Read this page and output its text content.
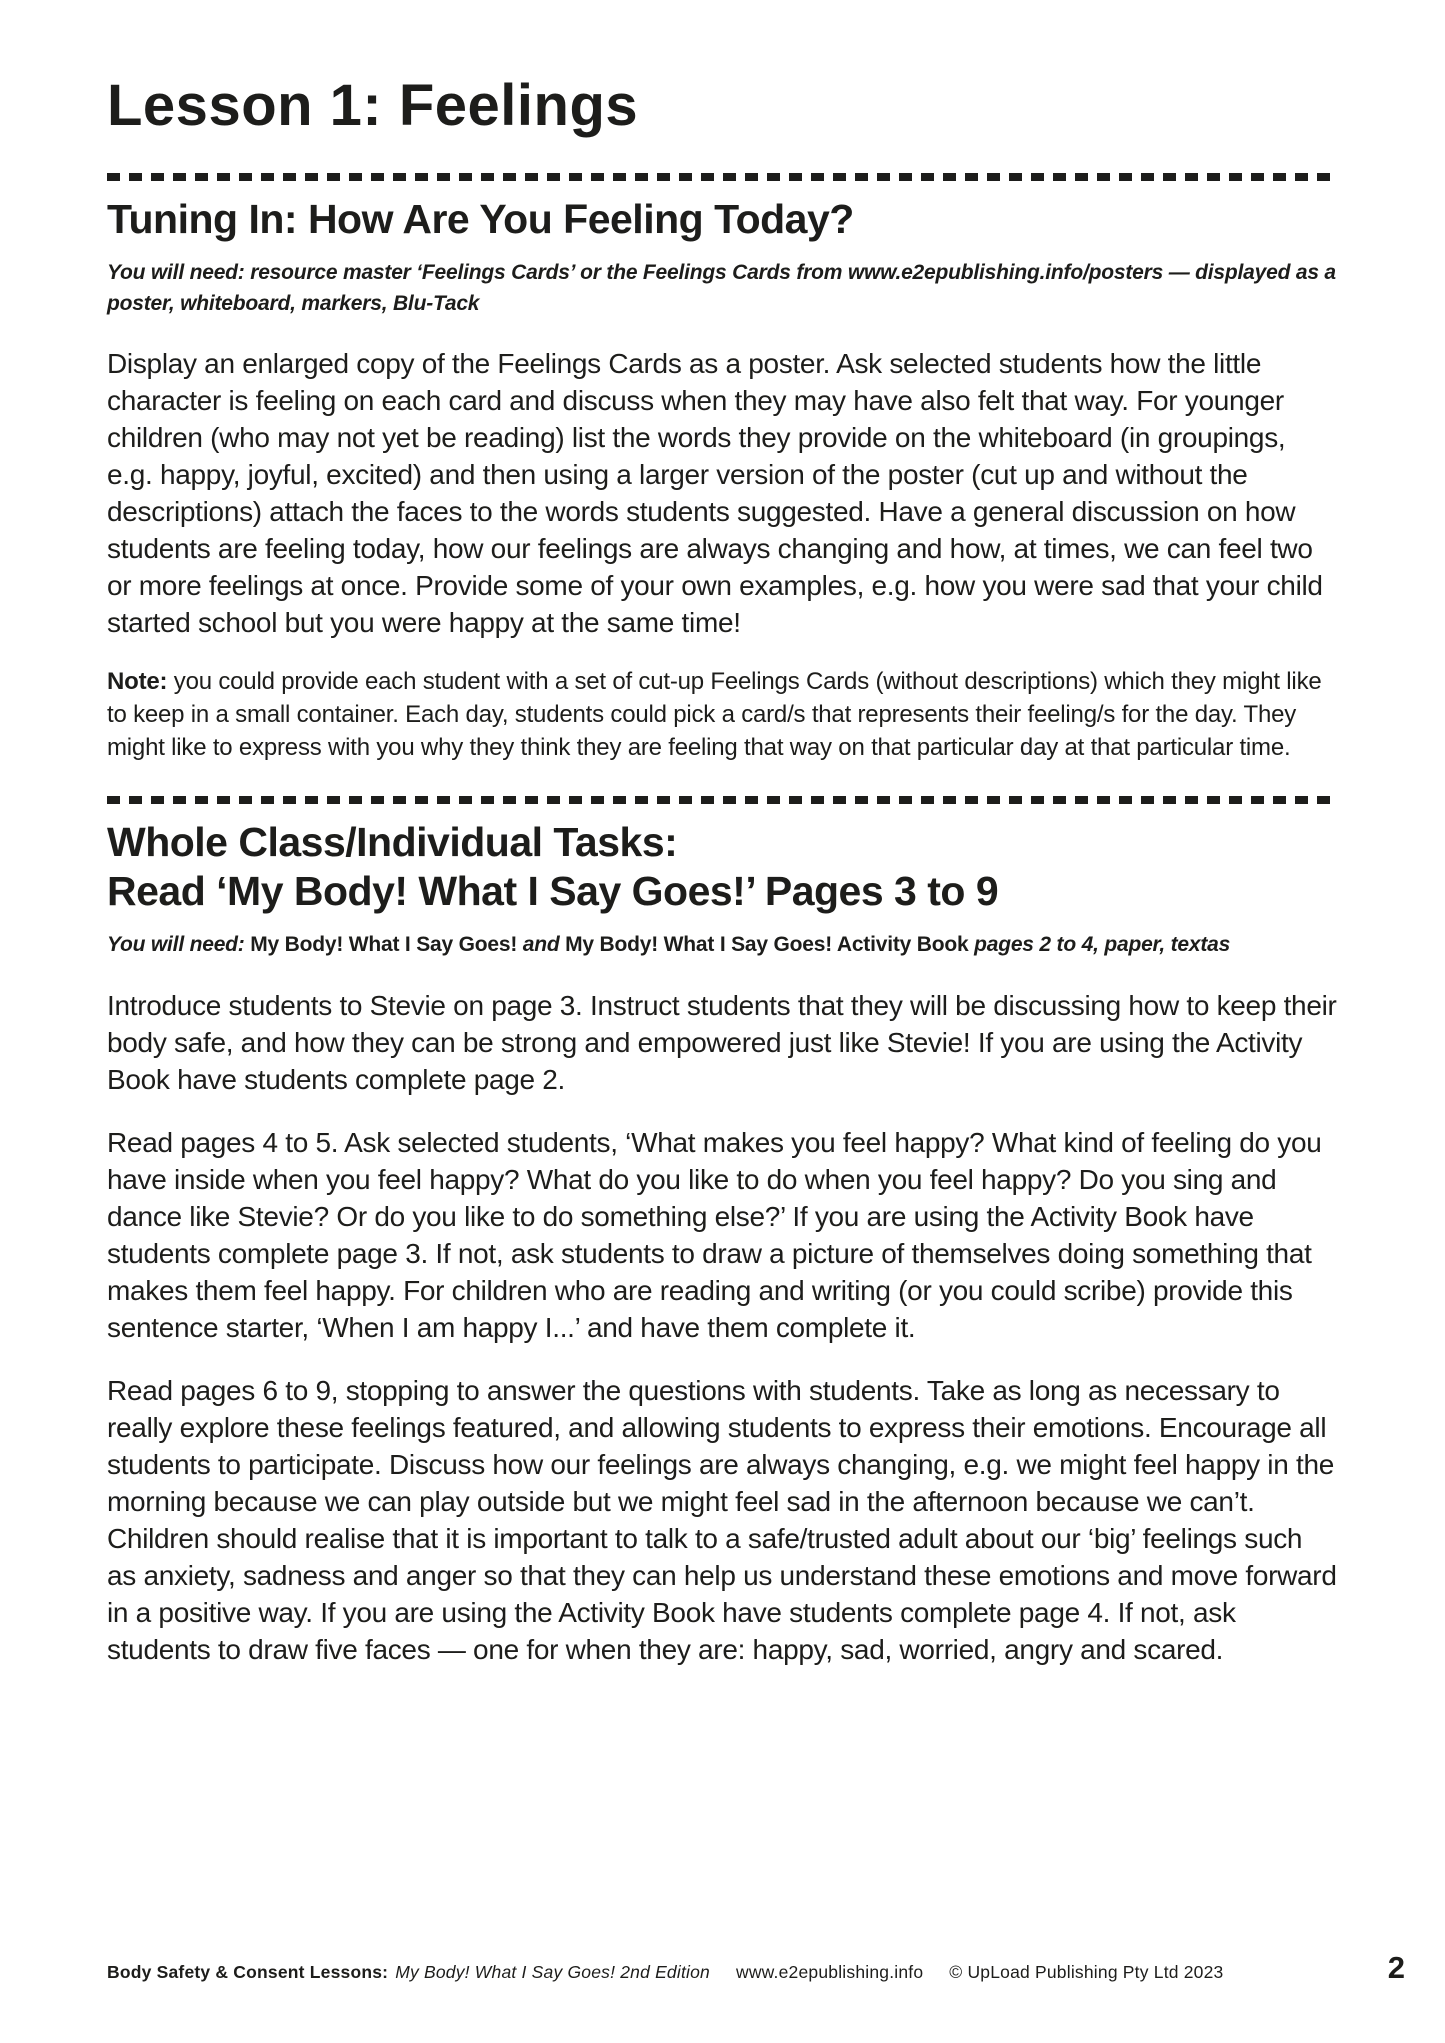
Lesson 1: Feelings
Tuning In: How Are You Feeling Today?
You will need: resource master ‘Feelings Cards’ or the Feelings Cards from www.e2epublishing.info/posters — displayed as a poster, whiteboard, markers, Blu-Tack
Display an enlarged copy of the Feelings Cards as a poster. Ask selected students how the little character is feeling on each card and discuss when they may have also felt that way. For younger children (who may not yet be reading) list the words they provide on the whiteboard (in groupings, e.g. happy, joyful, excited) and then using a larger version of the poster (cut up and without the descriptions) attach the faces to the words students suggested. Have a general discussion on how students are feeling today, how our feelings are always changing and how, at times, we can feel two or more feelings at once. Provide some of your own examples, e.g. how you were sad that your child started school but you were happy at the same time!
Note: you could provide each student with a set of cut-up Feelings Cards (without descriptions) which they might like to keep in a small container. Each day, students could pick a card/s that represents their feeling/s for the day. They might like to express with you why they think they are feeling that way on that particular day at that particular time.
Whole Class/Individual Tasks:
Read ‘My Body! What I Say Goes!’ Pages 3 to 9
You will need: My Body! What I Say Goes! and My Body! What I Say Goes! Activity Book pages 2 to 4, paper, textas
Introduce students to Stevie on page 3. Instruct students that they will be discussing how to keep their body safe, and how they can be strong and empowered just like Stevie! If you are using the Activity Book have students complete page 2.
Read pages 4 to 5. Ask selected students, ‘What makes you feel happy? What kind of feeling do you have inside when you feel happy? What do you like to do when you feel happy? Do you sing and dance like Stevie? Or do you like to do something else?’ If you are using the Activity Book have students complete page 3. If not, ask students to draw a picture of themselves doing something that makes them feel happy. For children who are reading and writing (or you could scribe) provide this sentence starter, ‘When I am happy I...’ and have them complete it.
Read pages 6 to 9, stopping to answer the questions with students. Take as long as necessary to really explore these feelings featured, and allowing students to express their emotions. Encourage all students to participate. Discuss how our feelings are always changing, e.g. we might feel happy in the morning because we can play outside but we might feel sad in the afternoon because we can’t. Children should realise that it is important to talk to a safe/trusted adult about our ‘big’ feelings such as anxiety, sadness and anger so that they can help us understand these emotions and move forward in a positive way. If you are using the Activity Book have students complete page 4. If not, ask students to draw five faces — one for when they are: happy, sad, worried, angry and scared.
Body Safety & Consent Lessons: My Body! What I Say Goes! 2nd Edition www.e2epublishing.info © UpLoad Publishing Pty Ltd 2023	2
